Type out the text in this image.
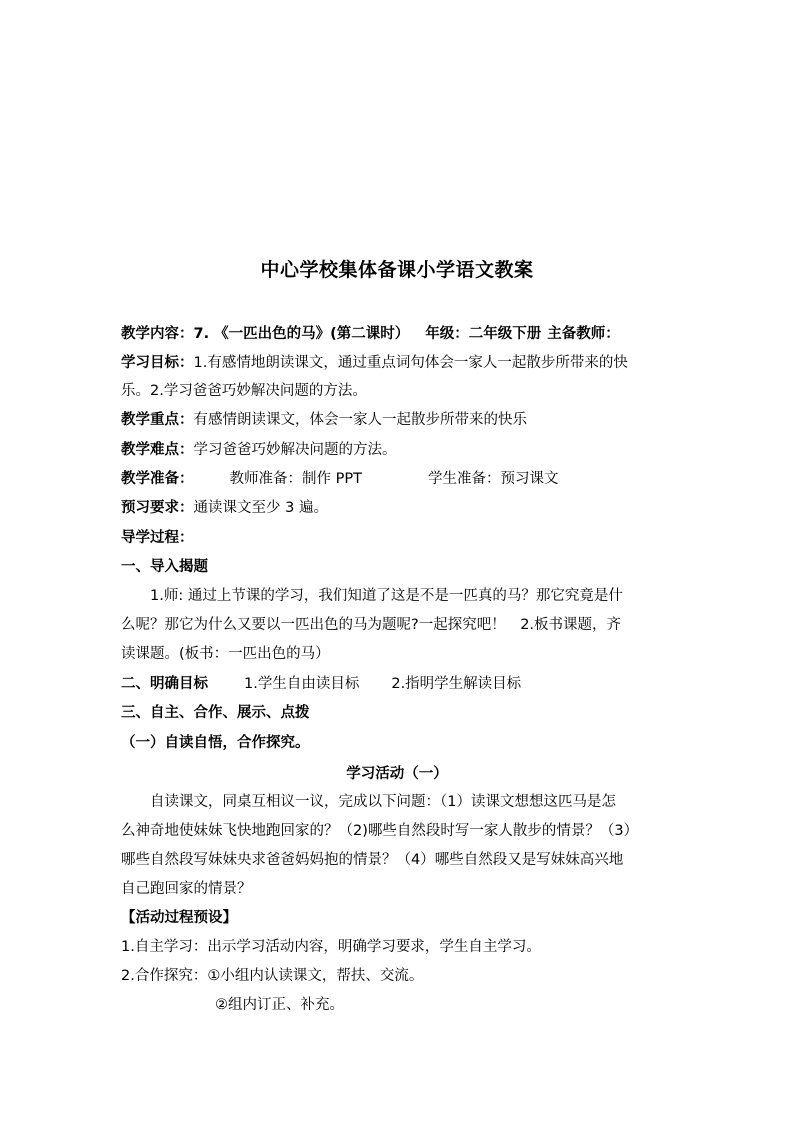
中心学校集体备课小学语文教案
教学内容：7. 《一匹出色的马》(第二课时） 年级：二年级下册 主备教师：
学习目标：1.有感情地朗读课文，通过重点词句体会一家人一起散步所带来的快
乐。2.学习爸爸巧妙解决问题的方法。
教学重点：有感情朗读课文，体会一家人一起散步所带来的快乐
教学难点：学习爸爸巧妙解决问题的方法。
教学准备： 教师准备：制作 PPT	学生准备：预习课文
预习要求：通读课文至少 3 遍。
导学过程：
一、导入揭题
1.师: 通过上节课的学习，我们知道了这是不是一匹真的马？那它究竟是什
么呢？那它为什么又要以一匹出色的马为题呢?一起探究吧！　2.板书课题，齐
读课题。(板书：一匹出色的马）
二、明确目标 1.学生自由读目标 2.指明学生解读目标
三、自主、合作、展示、点拨
（一）自读自悟，合作探究。
学习活动（一）
自读课文，同桌互相议一议，完成以下问题：（1）读课文想想这匹马是怎
么神奇地使妹妹飞快地跑回家的？（2)哪些自然段时写一家人散步的情景？（3）
哪些自然段写妹妹央求爸爸妈妈抱的情景？（4）哪些自然段又是写妹妹高兴地
自己跑回家的情景？
【活动过程预设】
1.自主学习：出示学习活动内容，明确学习要求，学生自主学习。
2.合作探究：①小组内认读课文，帮扶、交流。
②组内订正、补充。
